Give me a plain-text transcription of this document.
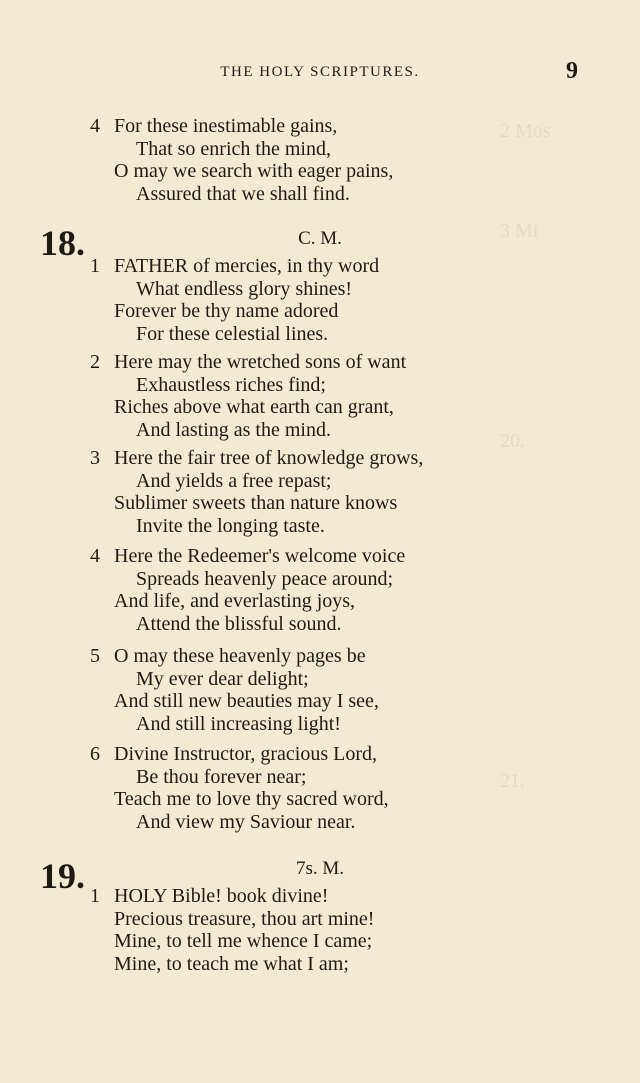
THE HOLY SCRIPTURES.	9
2 Mos
3 Mi
20.
21.
4 For these inestimable gains,
That so enrich the mind,
O may we search with eager pains,
Assured that we shall find.
18.	C. M.
1 FATHER of mercies, in thy word
What endless glory shines!
Forever be thy name adored
For these celestial lines.
2 Here may the wretched sons of want
Exhaustless riches find;
Riches above what earth can grant,
And lasting as the mind.
3 Here the fair tree of knowledge grows,
And yields a free repast;
Sublimer sweets than nature knows
Invite the longing taste.
4 Here the Redeemer's welcome voice
Spreads heavenly peace around;
And life, and everlasting joys,
Attend the blissful sound.
5 O may these heavenly pages be
My ever dear delight;
And still new beauties may I see,
And still increasing light!
6 Divine Instructor, gracious Lord,
Be thou forever near;
Teach me to love thy sacred word,
And view my Saviour near.
19.	7s. M.
1 HOLY Bible! book divine!
Precious treasure, thou art mine!
Mine, to tell me whence I came;
Mine, to teach me what I am;
